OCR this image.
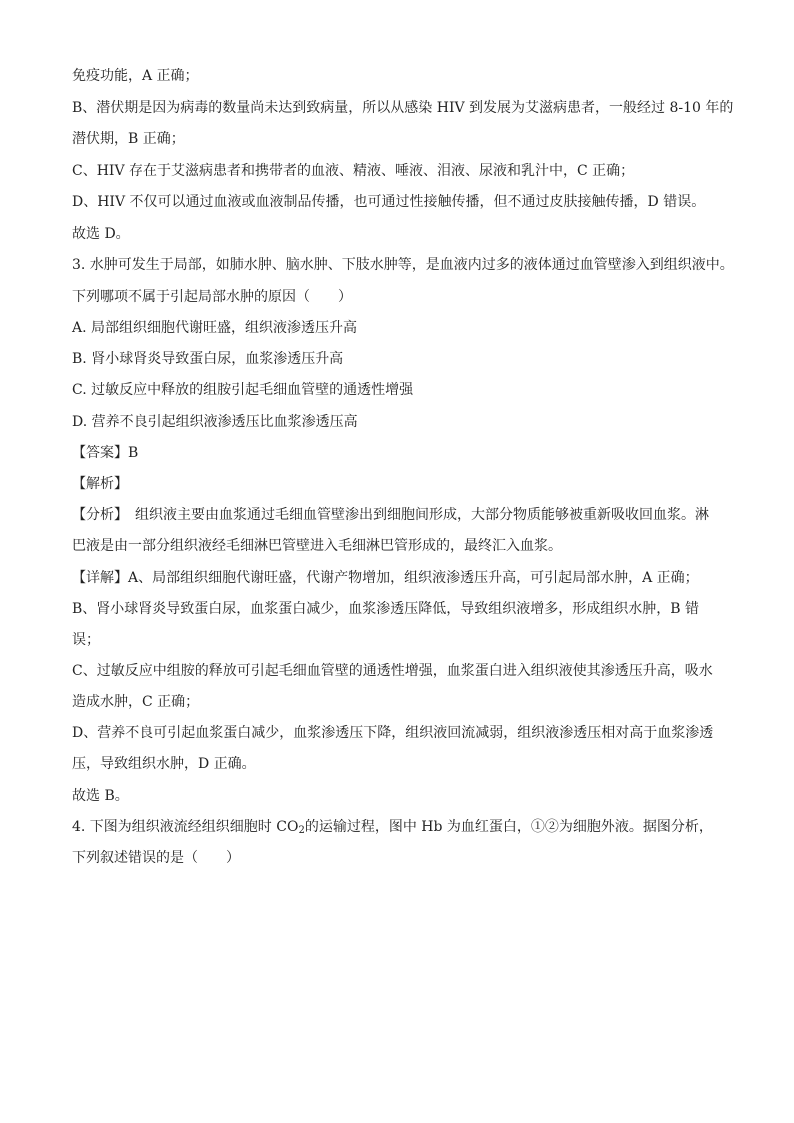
免疫功能，A 正确；
B、潜伏期是因为病毒的数量尚未达到致病量，所以从感染 HIV 到发展为艾滋病患者，一般经过 8-10 年的
潜伏期，B 正确；
C、HIV 存在于艾滋病患者和携带者的血液、精液、唾液、泪液、尿液和乳汁中，C 正确；
D、HIV 不仅可以通过血液或血液制品传播，也可通过性接触传播，但不通过皮肤接触传播，D 错误。
故选 D。
3. 水肿可发生于局部，如肺水肿、脑水肿、下肢水肿等，是血液内过多的液体通过血管壁渗入到组织液中。
下列哪项不属于引起局部水肿的原因（　　）
A. 局部组织细胞代谢旺盛，组织液渗透压升高
B. 肾小球肾炎导致蛋白尿，血浆渗透压升高
C. 过敏反应中释放的组胺引起毛细血管壁的通透性增强
D. 营养不良引起组织液渗透压比血浆渗透压高
【答案】B
【解析】
【分析】　组织液主要由血浆通过毛细血管壁渗出到细胞间形成，大部分物质能够被重新吸收回血浆。淋
巴液是由一部分组织液经毛细淋巴管壁进入毛细淋巴管形成的，最终汇入血浆。
【详解】A、局部组织细胞代谢旺盛，代谢产物增加，组织液渗透压升高，可引起局部水肿，A 正确；
B、肾小球肾炎导致蛋白尿，血浆蛋白减少，血浆渗透压降低，导致组织液增多，形成组织水肿，B 错
误；
C、过敏反应中组胺的释放可引起毛细血管壁的通透性增强，血浆蛋白进入组织液使其渗透压升高，吸水
造成水肿，C 正确；
D、营养不良可引起血浆蛋白减少，血浆渗透压下降，组织液回流减弱，组织液渗透压相对高于血浆渗透
压，导致组织水肿，D 正确。
故选 B。
4. 下图为组织液流经组织细胞时 $CO_2$的运输过程，图中 Hb 为血红蛋白，①②为细胞外液。据图分析，
下列叙述错误的是（　　）
